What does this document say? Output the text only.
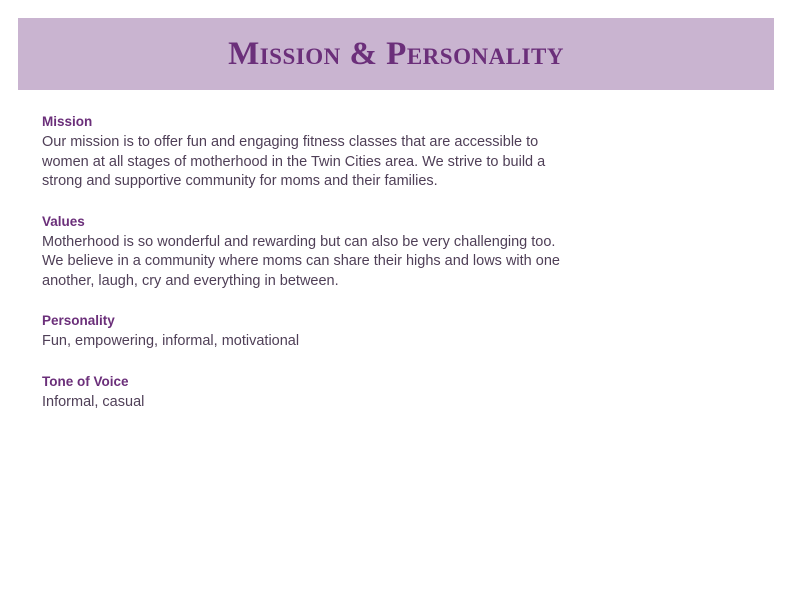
Mission & Personality

Mission

Our mission is to offer fun and engaging fitness classes that are accessible to women at all stages of motherhood in the Twin Cities area. We strive to build a strong and supportive community for moms and their families.

Values

Motherhood is so wonderful and rewarding but can also be very challenging too. We believe in a community where moms can share their highs and lows with one another, laugh, cry and everything in between.

Personality

Fun, empowering, informal, motivational

Tone of Voice

Informal, casual
